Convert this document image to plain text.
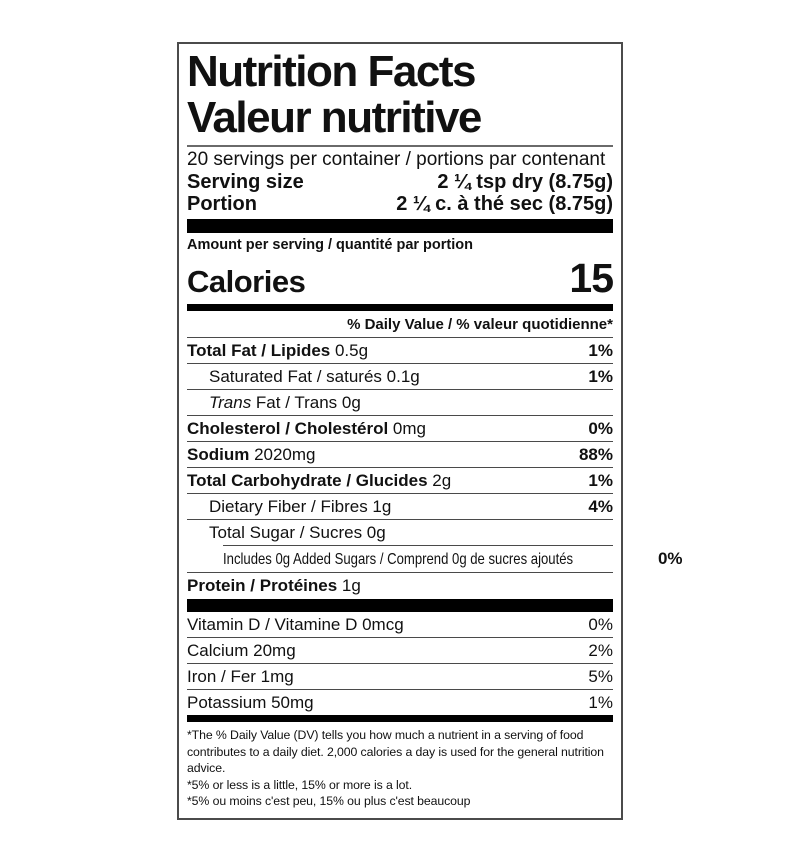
Nutrition Facts
Valeur nutritive
20 servings per container / portions par contenant
Serving size	2 ¼ tsp dry (8.75g)
Portion	2 ¼ c. à thé sec (8.75g)
Amount per serving / quantité par portion
Calories	15
% Daily Value / % valeur quotidienne*
Total Fat / Lipides 0.5g	1%
Saturated Fat / saturés 0.1g	1%
Trans Fat / Trans 0g
Cholesterol / Cholestérol 0mg	0%
Sodium 2020mg	88%
Total Carbohydrate / Glucides 2g	1%
Dietary Fiber / Fibres 1g	4%
Total Sugar / Sucres 0g
Includes 0g Added Sugars / Comprend 0g de sucres ajoutés	0%
Protein / Protéines 1g
Vitamin D / Vitamine D 0mcg	0%
Calcium 20mg	2%
Iron / Fer 1mg	5%
Potassium 50mg	1%

*The % Daily Value (DV) tells you how much a nutrient in a serving of food contributes to a daily diet. 2,000 calories a day is used for the general nutrition advice.

*5% or less is a little, 15% or more is a lot.

*5% ou moins c'est peu, 15% ou plus c'est beaucoup
